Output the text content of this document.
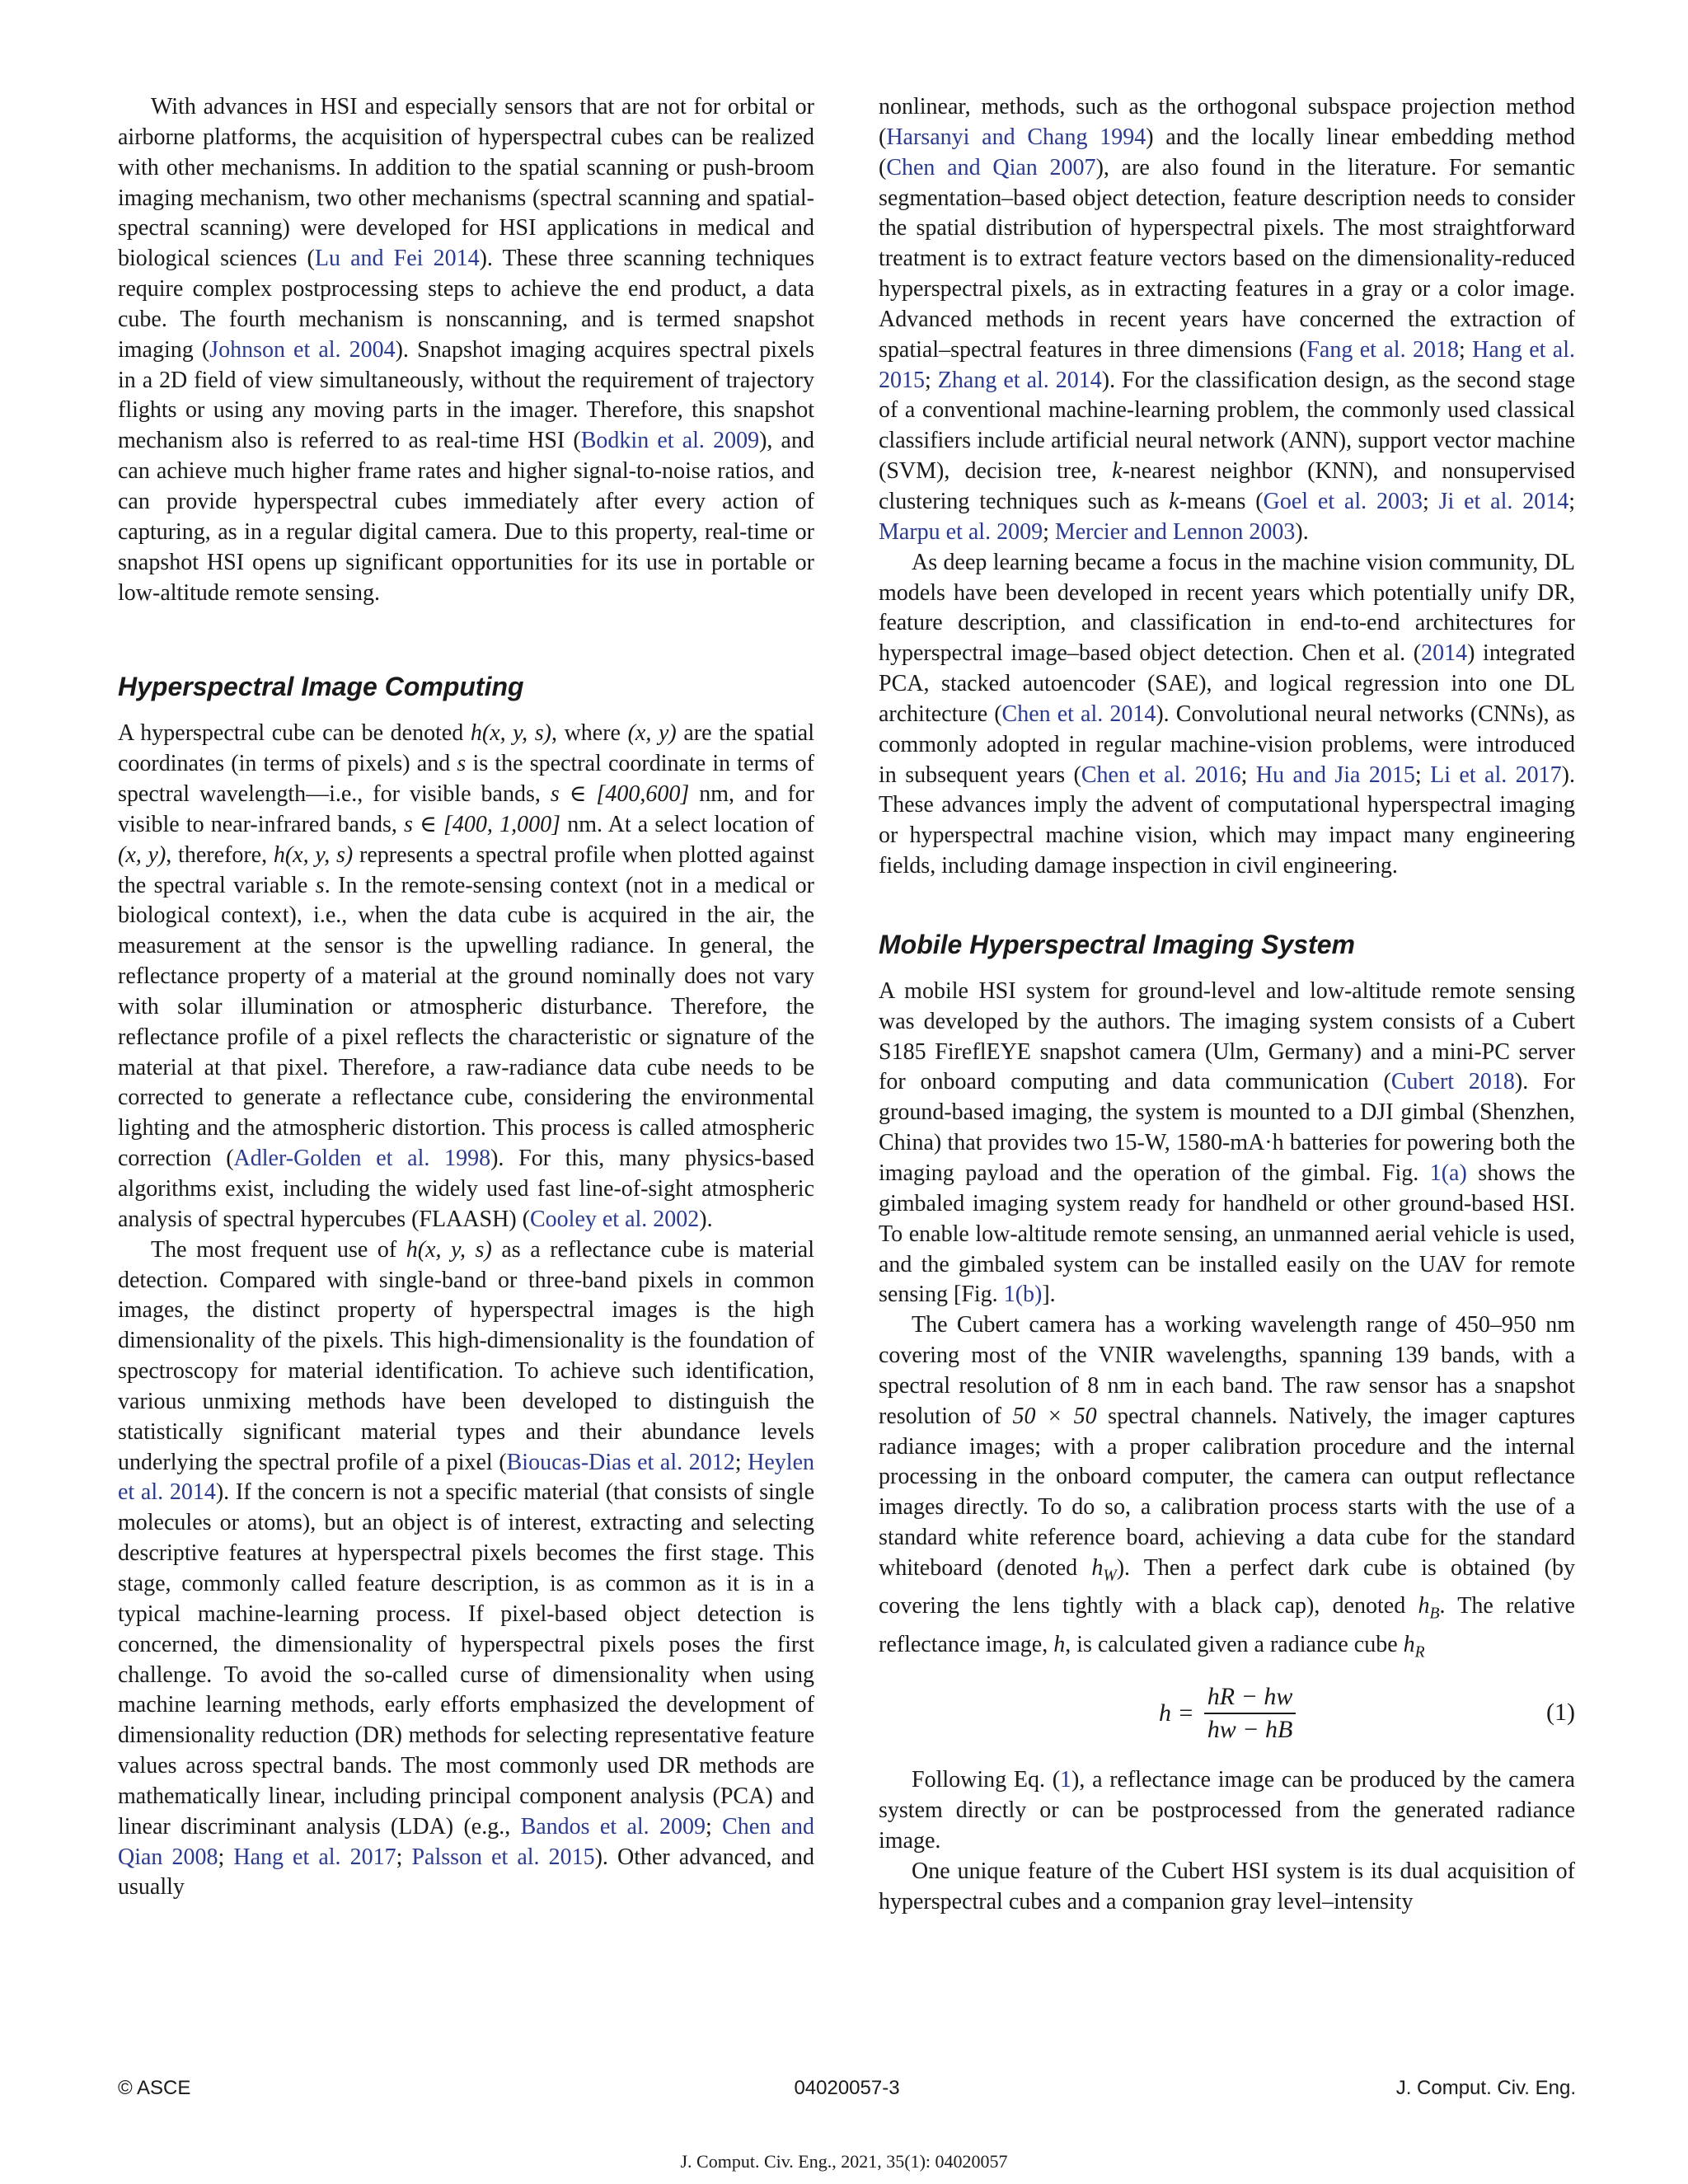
With advances in HSI and especially sensors that are not for orbital or airborne platforms, the acquisition of hyperspectral cubes can be realized with other mechanisms. In addition to the spatial scanning or push-broom imaging mechanism, two other mechanisms (spectral scanning and spatial-spectral scanning) were developed for HSI applications in medical and biological sciences (Lu and Fei 2014). These three scanning techniques require complex postprocessing steps to achieve the end product, a data cube. The fourth mechanism is nonscanning, and is termed snapshot imaging (Johnson et al. 2004). Snapshot imaging acquires spectral pixels in a 2D field of view simultaneously, without the requirement of trajectory flights or using any moving parts in the imager. Therefore, this snapshot mechanism also is referred to as real-time HSI (Bodkin et al. 2009), and can achieve much higher frame rates and higher signal-to-noise ratios, and can provide hyperspectral cubes immediately after every action of capturing, as in a regular digital camera. Due to this property, real-time or snapshot HSI opens up significant opportunities for its use in portable or low-altitude remote sensing.

Hyperspectral Image Computing

A hyperspectral cube can be denoted h(x, y, s), where (x, y) are the spatial coordinates (in terms of pixels) and s is the spectral coordinate in terms of spectral wavelength—i.e., for visible bands, s ∈ [400,600] nm, and for visible to near-infrared bands, s ∈ [400, 1,000] nm. At a select location of (x, y), therefore, h(x, y, s) represents a spectral profile when plotted against the spectral variable s. In the remote-sensing context (not in a medical or biological context), i.e., when the data cube is acquired in the air, the measurement at the sensor is the upwelling radiance. In general, the reflectance property of a material at the ground nominally does not vary with solar illumination or atmospheric disturbance. Therefore, the reflectance profile of a pixel reflects the characteristic or signature of the material at that pixel. Therefore, a raw-radiance data cube needs to be corrected to generate a reflectance cube, considering the environmental lighting and the atmospheric distortion. This process is called atmospheric correction (Adler-Golden et al. 1998). For this, many physics-based algorithms exist, including the widely used fast line-of-sight atmospheric analysis of spectral hypercubes (FLAASH) (Cooley et al. 2002).

The most frequent use of h(x, y, s) as a reflectance cube is material detection. Compared with single-band or three-band pixels in common images, the distinct property of hyperspectral images is the high dimensionality of the pixels. This high-dimensionality is the foundation of spectroscopy for material identification. To achieve such identification, various unmixing methods have been developed to distinguish the statistically significant material types and their abundance levels underlying the spectral profile of a pixel (Bioucas-Dias et al. 2012; Heylen et al. 2014). If the concern is not a specific material (that consists of single molecules or atoms), but an object is of interest, extracting and selecting descriptive features at hyperspectral pixels becomes the first stage. This stage, commonly called feature description, is as common as it is in a typical machine-learning process. If pixel-based object detection is concerned, the dimensionality of hyperspectral pixels poses the first challenge. To avoid the so-called curse of dimensionality when using machine learning methods, early efforts emphasized the development of dimensionality reduction (DR) methods for selecting representative feature values across spectral bands. The most commonly used DR methods are mathematically linear, including principal component analysis (PCA) and linear discriminant analysis (LDA) (e.g., Bandos et al. 2009; Chen and Qian 2008; Hang et al. 2017; Palsson et al. 2015). Other advanced, and usually

nonlinear, methods, such as the orthogonal subspace projection method (Harsanyi and Chang 1994) and the locally linear embedding method (Chen and Qian 2007), are also found in the literature. For semantic segmentation–based object detection, feature description needs to consider the spatial distribution of hyperspectral pixels. The most straightforward treatment is to extract feature vectors based on the dimensionality-reduced hyperspectral pixels, as in extracting features in a gray or a color image. Advanced methods in recent years have concerned the extraction of spatial–spectral features in three dimensions (Fang et al. 2018; Hang et al. 2015; Zhang et al. 2014). For the classification design, as the second stage of a conventional machine-learning problem, the commonly used classical classifiers include artificial neural network (ANN), support vector machine (SVM), decision tree, k-nearest neighbor (KNN), and nonsupervised clustering techniques such as k-means (Goel et al. 2003; Ji et al. 2014; Marpu et al. 2009; Mercier and Lennon 2003).

As deep learning became a focus in the machine vision community, DL models have been developed in recent years which potentially unify DR, feature description, and classification in end-to-end architectures for hyperspectral image–based object detection. Chen et al. (2014) integrated PCA, stacked autoencoder (SAE), and logical regression into one DL architecture (Chen et al. 2014). Convolutional neural networks (CNNs), as commonly adopted in regular machine-vision problems, were introduced in subsequent years (Chen et al. 2016; Hu and Jia 2015; Li et al. 2017). These advances imply the advent of computational hyperspectral imaging or hyperspectral machine vision, which may impact many engineering fields, including damage inspection in civil engineering.

Mobile Hyperspectral Imaging System

A mobile HSI system for ground-level and low-altitude remote sensing was developed by the authors. The imaging system consists of a Cubert S185 FireflEYE snapshot camera (Ulm, Germany) and a mini-PC server for onboard computing and data communication (Cubert 2018). For ground-based imaging, the system is mounted to a DJI gimbal (Shenzhen, China) that provides two 15-W, 1580-mA·h batteries for powering both the imaging payload and the operation of the gimbal. Fig. 1(a) shows the gimbaled imaging system ready for handheld or other ground-based HSI. To enable low-altitude remote sensing, an unmanned aerial vehicle is used, and the gimbaled system can be installed easily on the UAV for remote sensing [Fig. 1(b)].

The Cubert camera has a working wavelength range of 450–950 nm covering most of the VNIR wavelengths, spanning 139 bands, with a spectral resolution of 8 nm in each band. The raw sensor has a snapshot resolution of 50 × 50 spectral channels. Natively, the imager captures radiance images; with a proper calibration procedure and the internal processing in the onboard computer, the camera can output reflectance images directly. To do so, a calibration process starts with the use of a standard white reference board, achieving a data cube for the standard whiteboard (denoted $h_W$). Then a perfect dark cube is obtained (by covering the lens tightly with a black cap), denoted $h_B$. The relative reflectance image, h, is calculated given a radiance cube $h_R$

$h = \frac{hR - hw}{hw - hB}$	(1)

Following Eq. (1), a reflectance image can be produced by the camera system directly or can be postprocessed from the generated radiance image.

One unique feature of the Cubert HSI system is its dual acquisition of hyperspectral cubes and a companion gray level–intensity

© ASCE	04020057-3	J. Comput. Civ. Eng.
J. Comput. Civ. Eng., 2021, 35(1): 04020057
